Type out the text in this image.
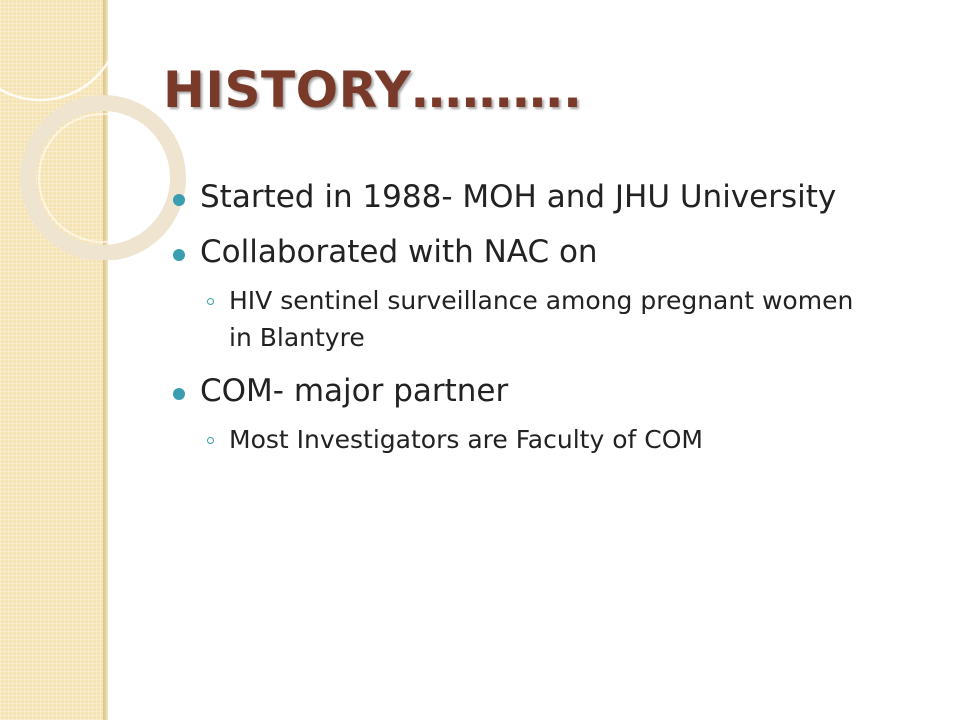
HISTORY……….
Started in 1988- MOH and JHU University
Collaborated with NAC on
HIV sentinel surveillance among pregnant women in Blantyre
COM- major partner
Most Investigators are Faculty of COM
